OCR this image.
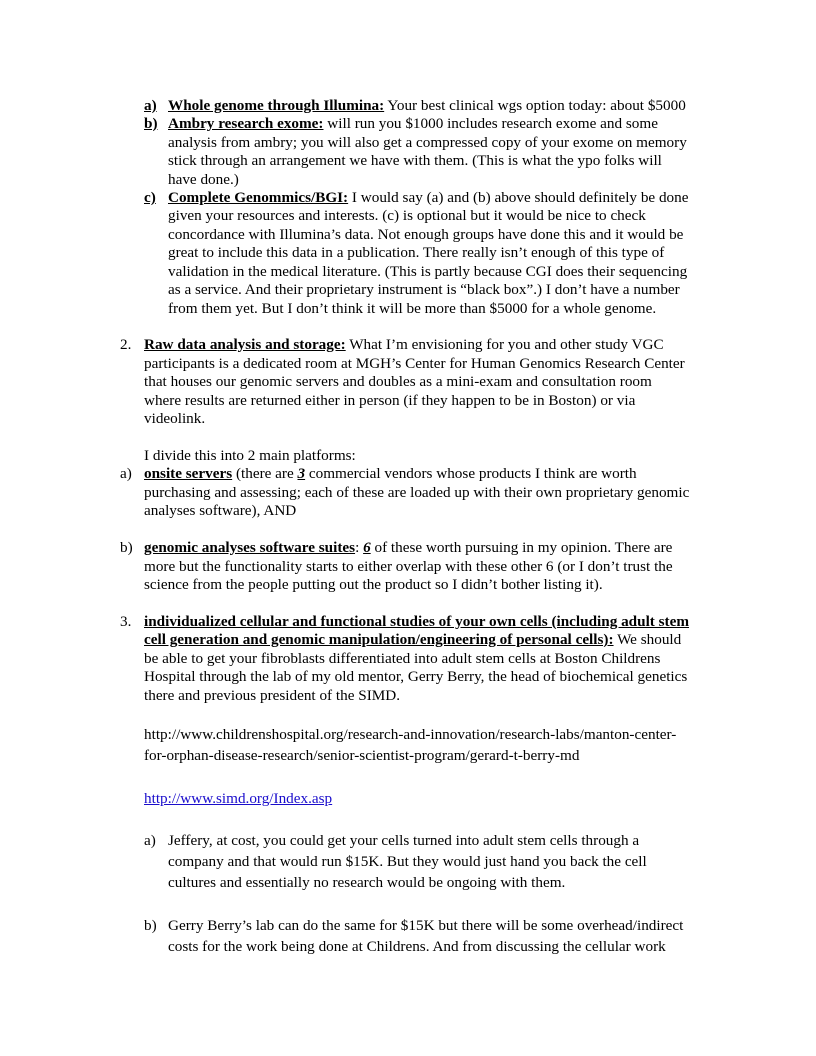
a) Whole genome through Illumina: Your best clinical wgs option today: about $5000
b) Ambry research exome: will run you $1000 includes research exome and some
analysis from ambry; you will also get a compressed copy of your exome on memory
stick through an arrangement we have with them. (This is what the ypo folks will
have done.)
c) Complete Genommics/BGI: I would say (a) and (b) above should definitely be done
given your resources and interests. (c) is optional but it would be nice to check
concordance with Illumina’s data. Not enough groups have done this and it would be
great to include this data in a publication. There really isn’t enough of this type of
validation in the medical literature. (This is partly because CGI does their sequencing
as a service. And their proprietary instrument is “black box”.) I don’t have a number
from them yet. But I don’t think it will be more than $5000 for a whole genome.
2. Raw data analysis and storage: What I’m envisioning for you and other study VGC
participants is a dedicated room at MGH’s Center for Human Genomics Research Center
that houses our genomic servers and doubles as a mini-exam and consultation room
where results are returned either in person (if they happen to be in Boston) or via
videolink.
I divide this into 2 main platforms:
a) onsite servers (there are 3 commercial vendors whose products I think are worth
purchasing and assessing; each of these are loaded up with their own proprietary genomic
analyses software), AND
b) genomic analyses software suites: 6 of these worth pursuing in my opinion. There are
more but the functionality starts to either overlap with these other 6 (or I don’t trust the
science from the people putting out the product so I didn’t bother listing it).
3. individualized cellular and functional studies of your own cells (including adult stem
cell generation and genomic manipulation/engineering of personal cells): We should
be able to get your fibroblasts differentiated into adult stem cells at Boston Childrens
Hospital through the lab of my old mentor, Gerry Berry, the head of biochemical genetics
there and previous president of the SIMD.
http://www.childrenshospital.org/research-and-innovation/research-labs/manton-center-
for-orphan-disease-research/senior-scientist-program/gerard-t-berry-md
http://www.simd.org/Index.asp
a) Jeffery, at cost, you could get your cells turned into adult stem cells through a
company and that would run $15K. But they would just hand you back the cell
cultures and essentially no research would be ongoing with them.
b) Gerry Berry’s lab can do the same for $15K but there will be some overhead/indirect
costs for the work being done at Childrens. And from discussing the cellular work
